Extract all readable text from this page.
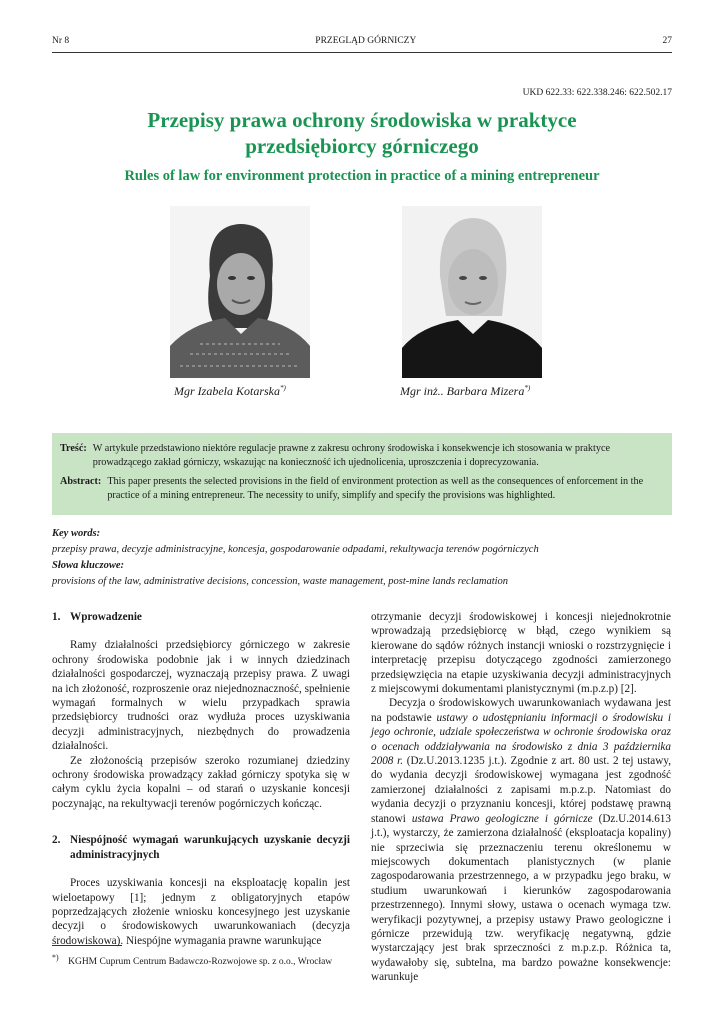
Nr 8	PRZEGLĄD GÓRNICZY	27
UKD 622.33: 622.338.246: 622.502.17
Przepisy prawa ochrony środowiska w praktyce
przedsiębiorcy górniczego
Rules of law for environment protection in practice of a mining entrepreneur
Mgr Izabela Kotarska*)	Mgr inż.. Barbara Mizera*)
Treść: W artykule przedstawiono niektóre regulacje prawne z zakresu ochrony środowiska i konsekwencje ich stosowania w praktyce prowadzącego zakład górniczy, wskazując na konieczność ich ujednolicenia, uproszczenia i doprecyzowania.
Abstract: This paper presents the selected provisions in the field of environment protection as well as the consequences of enforcement in the practice of a mining entrepreneur. The necessity to unify, simplify and specify the provisions was highlighted.
Key words:
przepisy prawa, decyzje administracyjne, koncesja, gospodarowanie odpadami, rekultywacja terenów pogórniczych
Słowa kluczowe:
provisions of the law, administrative decisions, concession, waste management, post-mine lands reclamation
1. Wprowadzenie

Ramy działalności przedsiębiorcy górniczego w zakresie ochrony środowiska podobnie jak i w innych dziedzinach działalności gospodarczej, wyznaczają przepisy prawa. Z uwagi na ich złożoność, rozproszenie oraz niejednoznaczność, spełnienie wymagań formalnych w wielu przypadkach sprawia przedsiębiorcy trudności oraz wydłuża proces uzyskiwania decyzji administracyjnych, niezbędnych do prowadzenia działalności.

Ze złożonością przepisów szeroko rozumianej dziedziny ochrony środowiska prowadzący zakład górniczy spotyka się w całym cyklu życia kopalni – od starań o uzyskanie koncesji poczynając, na rekultywacji terenów pogórniczych kończąc.

2. Niespójność wymagań warunkujących uzyskanie decyzji administracyjnych

Proces uzyskiwania koncesji na eksploatację kopalin jest wieloetapowy [1]; jednym z obligatoryjnych etapów poprzedzających złożenie wniosku koncesyjnego jest uzyskanie decyzji o środowiskowych uwarunkowaniach (decyzja środowiskowa). Niespójne wymagania prawne warunkujące

otrzymanie decyzji środowiskowej i koncesji niejednokrotnie wprowadzają przedsiębiorcę w błąd, czego wynikiem są kierowane do sądów różnych instancji wnioski o rozstrzygnięcie i interpretację przepisu dotyczącego zgodności zamierzonego przedsięwzięcia na etapie uzyskiwania decyzji administracyjnych z miejscowymi dokumentami planistycznymi (m.p.z.p) [2].

Decyzja o środowiskowych uwarunkowaniach wydawana jest na podstawie ustawy o udostępnianiu informacji o środowisku i jego ochronie, udziale społeczeństwa w ochronie środowiska oraz o ocenach oddziaływania na środowisko z dnia 3 października 2008 r. (Dz.U.2013.1235 j.t.). Zgodnie z art. 80 ust. 2 tej ustawy, do wydania decyzji środowiskowej wymagana jest zgodność zamierzonej działalności z zapisami m.p.z.p. Natomiast do wydania decyzji o przyznaniu koncesji, której podstawę prawną stanowi ustawa Prawo geologiczne i górnicze (Dz.U.2014.613 j.t.), wystarczy, że zamierzona działalność (eksploatacja kopaliny) nie sprzeciwia się przeznaczeniu terenu określonemu w miejscowych dokumentach planistycznych (w planie zagospodarowania przestrzennego, a w przypadku jego braku, w studium uwarunkowań i kierunków zagospodarowania przestrzennego). Innymi słowy, ustawa o ocenach wymaga tzw. weryfikacji pozytywnej, a przepisy ustawy Prawo geologiczne i górnicze przewidują tzw. weryfikację negatywną, gdzie wystarczający jest brak sprzeczności z m.p.z.p. Różnica ta, wydawałoby się, subtelna, ma bardzo poważne konsekwencje: warunkuje

*) KGHM Cuprum Centrum Badawczo-Rozwojowe sp. z o.o., Wrocław
